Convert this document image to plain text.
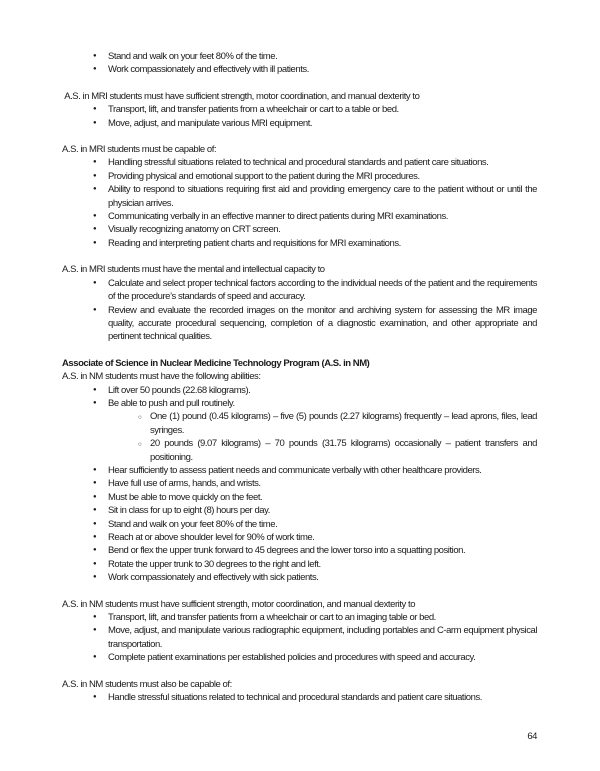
● Stand and walk on your feet 80% of the time.
● Work compassionately and effectively with ill patients.
A.S. in MRI students must have sufficient strength, motor coordination, and manual dexterity to
● Transport, lift, and transfer patients from a wheelchair or cart to a table or bed.
● Move, adjust, and manipulate various MRI equipment.
A.S. in MRI students must be capable of:
● Handling stressful situations related to technical and procedural standards and patient care situations.
● Providing physical and emotional support to the patient during the MRI procedures.
● Ability to respond to situations requiring first aid and providing emergency care to the patient without or until the physician arrives.
● Communicating verbally in an effective manner to direct patients during MRI examinations.
● Visually recognizing anatomy on CRT screen.
● Reading and interpreting patient charts and requisitions for MRI examinations.
A.S. in MRI students must have the mental and intellectual capacity to
● Calculate and select proper technical factors according to the individual needs of the patient and the requirements of the procedure’s standards of speed and accuracy.
● Review and evaluate the recorded images on the monitor and archiving system for assessing the MR image quality, accurate procedural sequencing, completion of a diagnostic examination, and other appropriate and pertinent technical qualities.
Associate of Science in Nuclear Medicine Technology Program (A.S. in NM)
A.S. in NM students must have the following abilities:
● Lift over 50 pounds (22.68 kilograms).
● Be able to push and pull routinely.
○ One (1) pound (0.45 kilograms) – five (5) pounds (2.27 kilograms) frequently – lead aprons, files, lead syringes.
○ 20 pounds (9.07 kilograms) – 70 pounds (31.75 kilograms) occasionally – patient transfers and positioning.
● Hear sufficiently to assess patient needs and communicate verbally with other healthcare providers.
● Have full use of arms, hands, and wrists.
● Must be able to move quickly on the feet.
● Sit in class for up to eight (8) hours per day.
● Stand and walk on your feet 80% of the time.
● Reach at or above shoulder level for 90% of work time.
● Bend or flex the upper trunk forward to 45 degrees and the lower torso into a squatting position.
● Rotate the upper trunk to 30 degrees to the right and left.
● Work compassionately and effectively with sick patients.
A.S. in NM students must have sufficient strength, motor coordination, and manual dexterity to
● Transport, lift, and transfer patients from a wheelchair or cart to an imaging table or bed.
● Move, adjust, and manipulate various radiographic equipment, including portables and C-arm equipment physical transportation.
● Complete patient examinations per established policies and procedures with speed and accuracy.
A.S. in NM students must also be capable of:
● Handle stressful situations related to technical and procedural standards and patient care situations.
64
